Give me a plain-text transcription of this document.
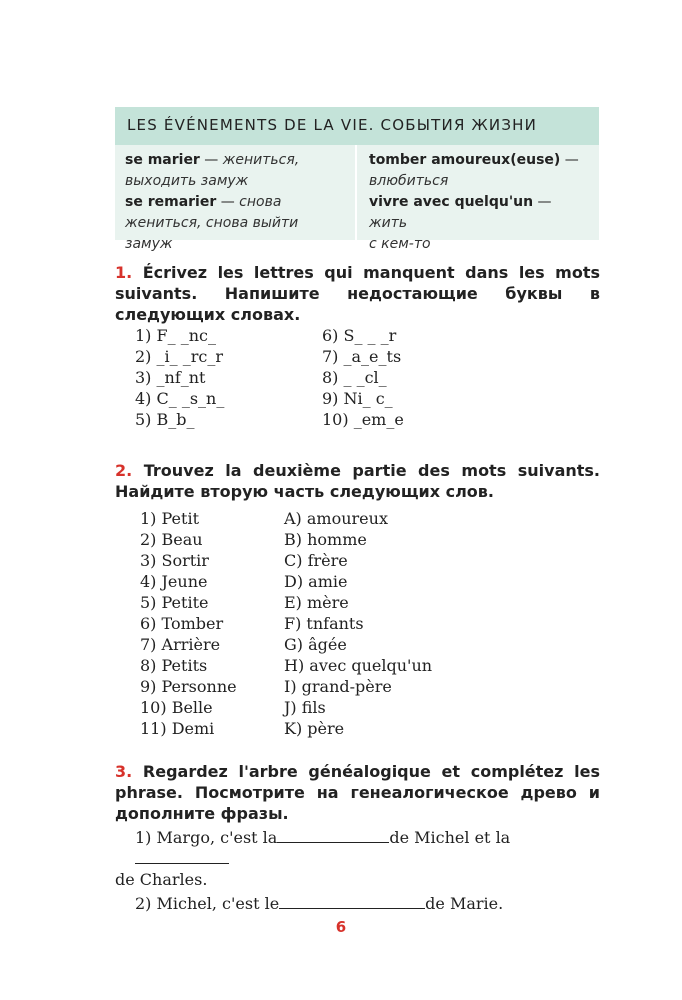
LES ÉVÉNEMENTS DE LA VIE. СОБЫТИЯ ЖИЗНИ
se marier — жениться,
выходить замуж
se remarier — снова
жениться, снова выйти замуж
tomber amoureux(euse) —
влюбиться
vivre avec quelqu'un — жить
с кем-то

1. Écrivez les lettres qui manquent dans les mots suivants. Напишите недостающие буквы в следующих словах.

1) F_ _nc_	6) S_ _ _r
2) _i_ _rc_r	7) _a_e_ts
3) _nf_nt	8) _ _cl_
4) C_ _s_n_	9) Ni_ c_
5) B_b_	10) _em_e

2. Trouvez la deuxième partie des mots suivants. Найдите вторую часть следующих слов.

1) Petit	A) amoureux
2) Beau	B) homme
3) Sortir	C) frère
4) Jeune	D) amie
5) Petite	E) mère
6) Tomber	F) tnfants
7) Arrière	G) âgée
8) Petits	H) avec quelqu'un
9) Personne	I) grand-père
10) Belle	J) fils
11) Demi	K) père

3. Regardez l'arbre généalogique et complétez les phrase. Посмотрите на генеалогическое древо и дополните фразы.

1) Margo, c'est la	de Michel et la

de Charles.

2) Michel, c'est le	de Marie.

6
